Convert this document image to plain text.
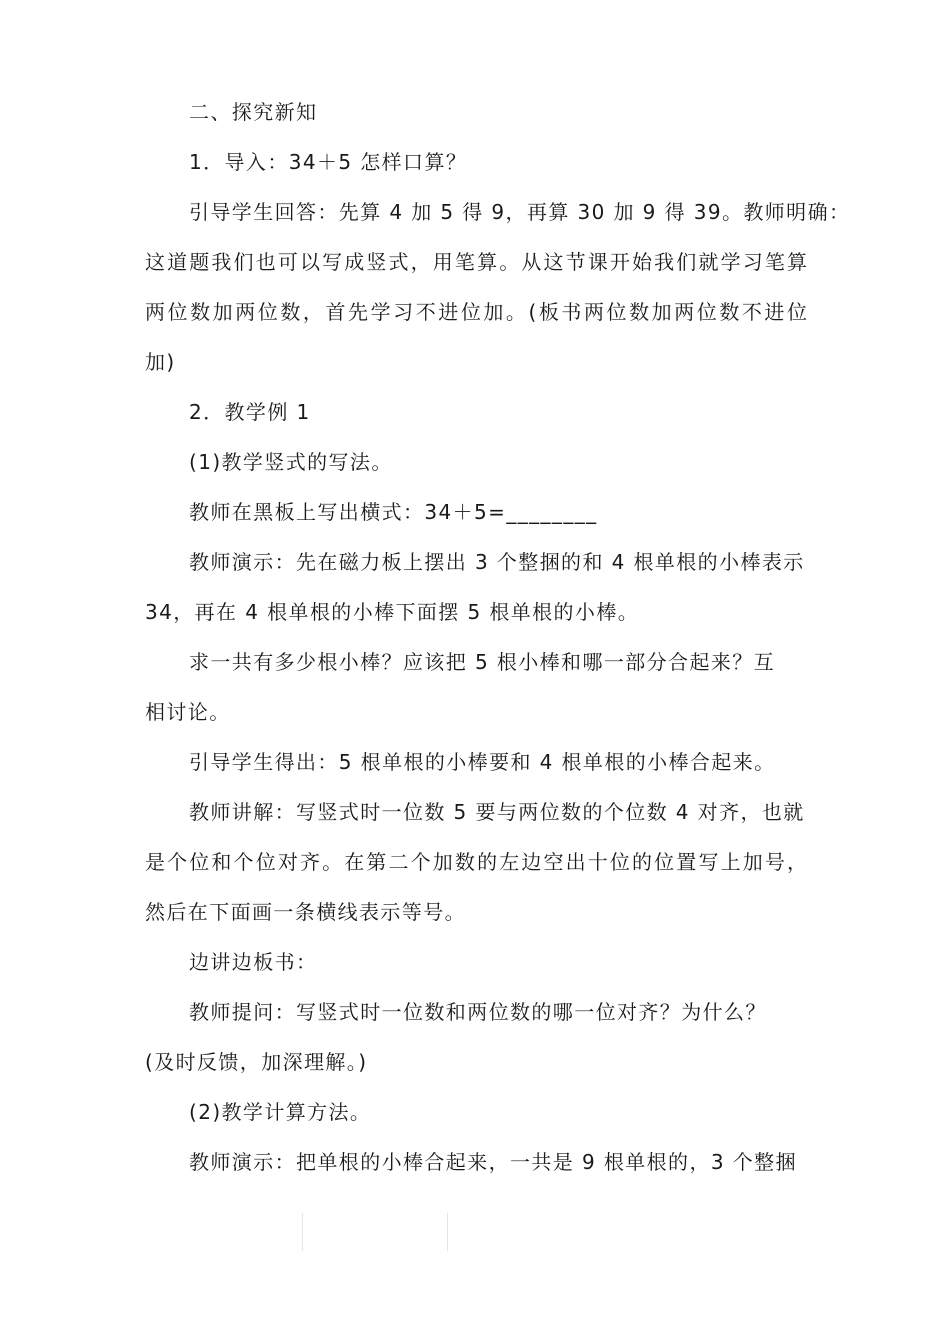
二、探究新知

1．导入：34＋5 怎样口算？

引导学生回答：先算 4 加 5 得 9，再算 30 加 9 得 39。教师明确：

这道题我们也可以写成竖式，用笔算。从这节课开始我们就学习笔算

两位数加两位数，首先学习不进位加。(板书两位数加两位数不进位

加)

2．教学例 1

(1)教学竖式的写法。

教师在黑板上写出横式：34＋5=________

教师演示：先在磁力板上摆出 3 个整捆的和 4 根单根的小棒表示

34，再在 4 根单根的小棒下面摆 5 根单根的小棒。

求一共有多少根小棒？应该把 5 根小棒和哪一部分合起来？互

相讨论。

引导学生得出：5 根单根的小棒要和 4 根单根的小棒合起来。

教师讲解：写竖式时一位数 5 要与两位数的个位数 4 对齐，也就

是个位和个位对齐。在第二个加数的左边空出十位的位置写上加号，

然后在下面画一条横线表示等号。

边讲边板书：

教师提问：写竖式时一位数和两位数的哪一位对齐？为什么？

(及时反馈，加深理解。)

(2)教学计算方法。

教师演示：把单根的小棒合起来，一共是 9 根单根的，3 个整捆
